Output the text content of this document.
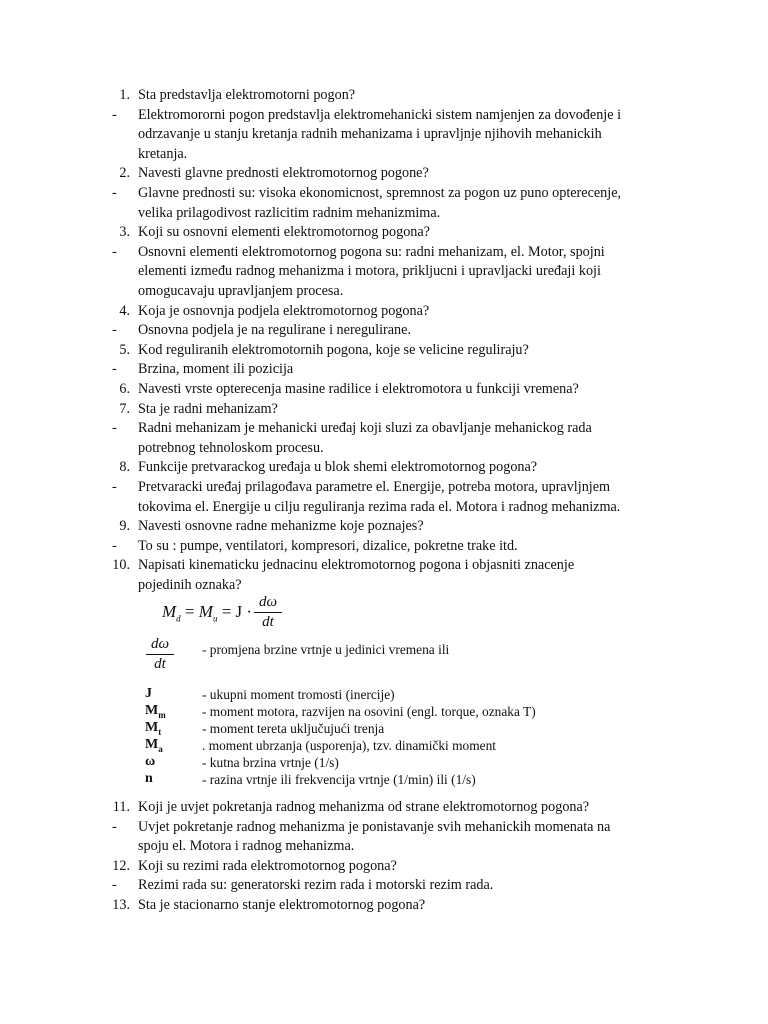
1. Sta predstavlja elektromotorni pogon?
-	Elektromororni pogon predstavlja elektromehanicki sistem namjenjen za dovođenje i
odrzavanje u stanju kretanja radnih mehanizama i upravljnje njihovih mehanickih
kretanja.
2. Navesti glavne prednosti elektromotornog pogone?
-	Glavne prednosti su: visoka ekonomicnost, spremnost za pogon uz puno opterecenje,
velika prilagodivost razlicitim radnim mehanizmima.
3. Koji su osnovni elementi elektromotornog pogona?
-	Osnovni elementi elektromotornog pogona su: radni mehanizam, el. Motor, spojni
elementi između radnog mehanizma i motora, prikljucni i upravljacki uređaji koji
omogucavaju upravljanjem procesa.
4. Koja je osnovnja podjela elektromotornog pogona?
-	Osnovna podjela je na regulirane i neregulirane.
5. Kod reguliranih elektromotornih pogona, koje se velicine reguliraju?
-	Brzina, moment ili pozicija
6. Navesti vrste opterecenja masine radilice i elektromotora u funkciji vremena?
7. Sta je radni mehanizam?
-	Radni mehanizam je mehanicki uređaj koji sluzi za obavljanje mehanickog rada
potrebnog tehnoloskom procesu.
8. Funkcije pretvarackog uređaja u blok shemi elektromotornog pogona?
-	Pretvaracki uređaj prilagođava parametre el. Energije, potreba motora, upravljnjem
tokovima el. Energije u cilju reguliranja rezima rada el. Motora i radnog mehanizma.
9. Navesti osnovne radne mehanizme koje poznajes?
-	To su : pumpe, ventilatori, kompresori, dizalice, pokretne trake itd.
10. Napisati kinematicku jednacinu elektromotornog pogona i objasniti znacenje
pojedinih oznaka?
$M_d = M_u = J \cdot d\omega$
dt
dω
dt
- promjena brzine vrtnje u jedinici vremena ili
J	- ukupni moment tromosti (inercije)
$M_m$	- moment motora, razvijen na osovini (engl. torque, oznaka T)
$M_t$	- moment tereta uključujući trenja
$M_a$	. moment ubrzanja (usporenja), tzv. dinamički moment
ω	- kutna brzina vrtnje (1/s)
n	- razina vrtnje ili frekvencija vrtnje (1/min) ili (1/s)
11. Koji je uvjet pokretanja radnog mehanizma od strane elektromotornog pogona?
-	Uvjet pokretanje radnog mehanizma je ponistavanje svih mehanickih momenata na
spoju el. Motora i radnog mehanizma.
12. Koji su rezimi rada elektromotornog pogona?
-	Rezimi rada su: generatorski rezim rada i motorski rezim rada.
13. Sta je stacionarno stanje elektromotornog pogona?
